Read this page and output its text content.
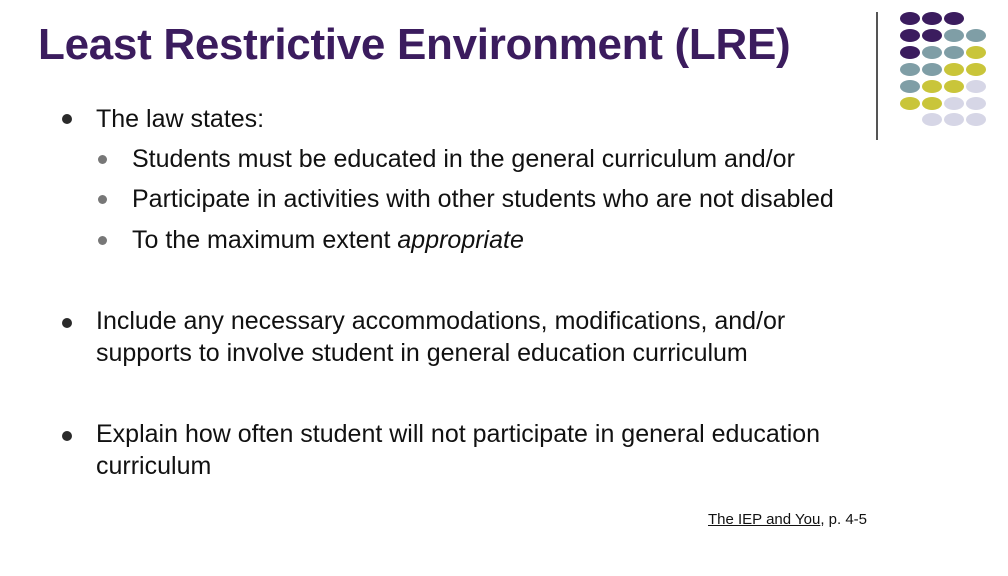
Least Restrictive Environment (LRE)
The law states:
Students must be educated in the general curriculum and/or
Participate in activities with other students who are not disabled
To the maximum extent appropriate
Include any necessary accommodations, modifications, and/or
supports to involve student in general education curriculum
Explain how often student will not participate in general education
curriculum
The IEP and You, p. 4-5
